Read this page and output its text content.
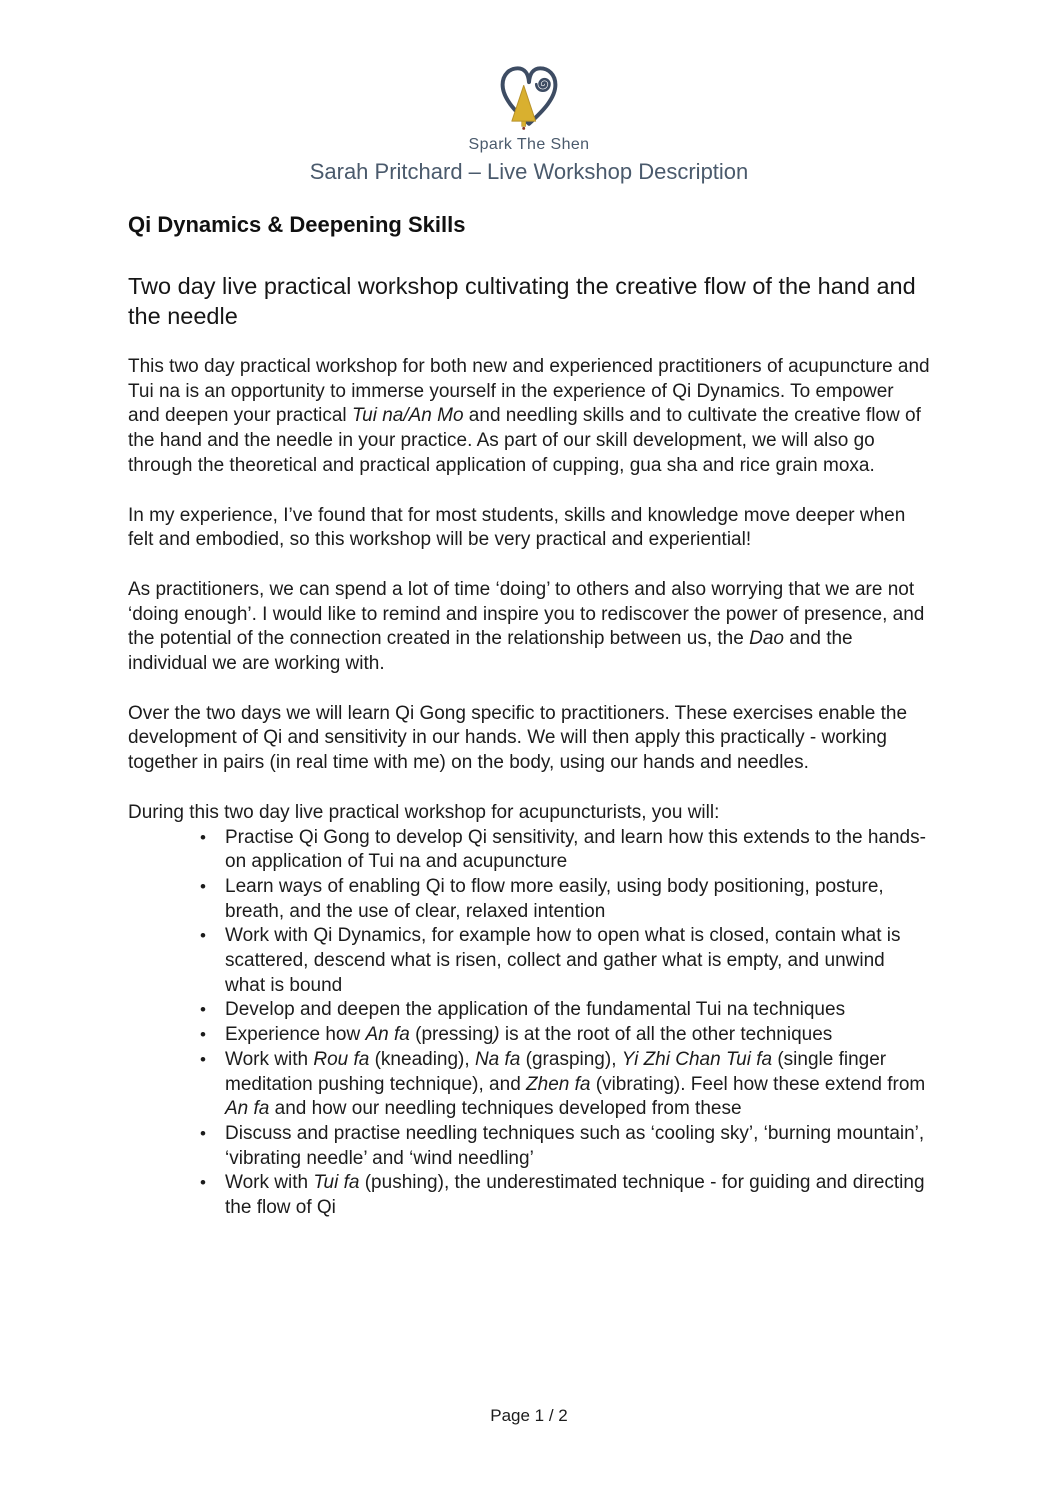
Spark The Shen
Sarah Pritchard – Live Workshop Description
Qi Dynamics & Deepening Skills
Two day live practical workshop cultivating the creative flow of the hand and the needle

This two day practical workshop for both new and experienced practitioners of acupuncture and Tui na is an opportunity to immerse yourself in the experience of Qi Dynamics. To empower and deepen your practical Tui na/An Mo and needling skills and to cultivate the creative flow of the hand and the needle in your practice. As part of our skill development, we will also go through the theoretical and practical application of cupping, gua sha and rice grain moxa.

In my experience, I’ve found that for most students, skills and knowledge move deeper when felt and embodied, so this workshop will be very practical and experiential!

As practitioners, we can spend a lot of time ‘doing’ to others and also worrying that we are not ‘doing enough’. I would like to remind and inspire you to rediscover the power of presence, and the potential of the connection created in the relationship between us, the Dao and the individual we are working with.

Over the two days we will learn Qi Gong specific to practitioners. These exercises enable the development of Qi and sensitivity in our hands. We will then apply this practically - working together in pairs (in real time with me) on the body, using our hands and needles.

During this two day live practical workshop for acupuncturists, you will:

• Practise Qi Gong to develop Qi sensitivity, and learn how this extends to the hands-on application of Tui na and acupuncture
• Learn ways of enabling Qi to flow more easily, using body positioning, posture, breath, and the use of clear, relaxed intention
• Work with Qi Dynamics, for example how to open what is closed, contain what is scattered, descend what is risen, collect and gather what is empty, and unwind what is bound
• Develop and deepen the application of the fundamental Tui na techniques
• Experience how An fa (pressing) is at the root of all the other techniques
• Work with Rou fa (kneading), Na fa (grasping), Yi Zhi Chan Tui fa (single finger meditation pushing technique), and Zhen fa (vibrating). Feel how these extend from An fa and how our needling techniques developed from these
• Discuss and practise needling techniques such as ‘cooling sky’, ‘burning mountain’, ‘vibrating needle’ and ‘wind needling’
• Work with Tui fa (pushing), the underestimated technique - for guiding and directing the flow of Qi
Page 1 / 2
